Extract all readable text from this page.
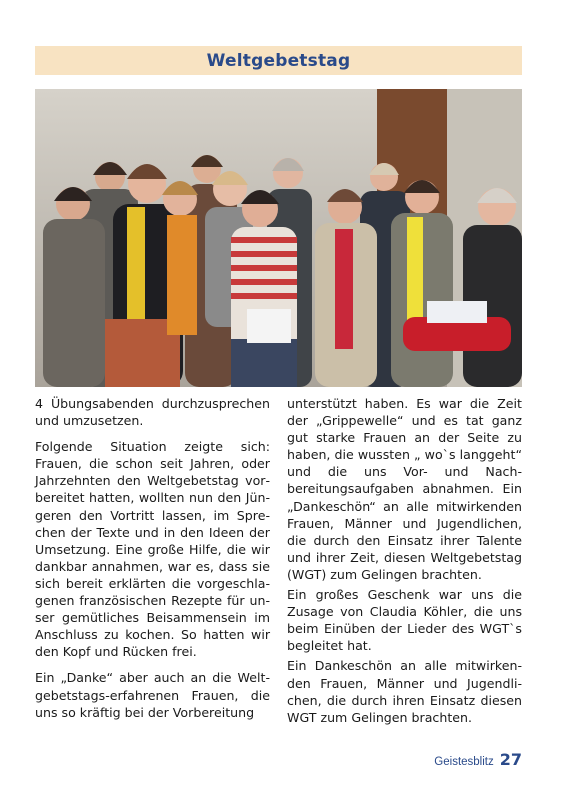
Weltgebetstag

4 Übungsabenden durchzusprechen und umzusetzen.

Folgende Situation zeigte sich: Frauen, die schon seit Jahren, oder Jahrzehnten den Weltgebetstag vorbereitet hatten, wollten nun den Jüngeren den Vortritt lassen, im Sprechen der Texte und in den Ideen der Umsetzung. Eine große Hilfe, die wir dankbar annahmen, war es, dass sie sich bereit erklärten die vorgeschlagenen französischen Rezepte für unser gemütliches Beisammensein im Anschluss zu kochen. So hatten wir den Kopf und Rücken frei.

Ein „Danke“ aber auch an die Weltgebetstags-erfahrenen Frauen, die uns so kräftig bei der Vorbereitung

unterstützt haben. Es war die Zeit der „Grippewelle“ und es tat ganz gut starke Frauen an der Seite zu haben, die wussten „ wo`s langgeht“ und die uns Vor- und Nachbereitungsaufgaben abnahmen. Ein „Dankeschön“ an alle mitwirkenden Frauen, Männer und Jugendlichen, die durch den Einsatz ihrer Talente und ihrer Zeit, diesen Weltgebetstag (WGT) zum Gelingen brachten.

Ein großes Geschenk war uns die Zusage von Claudia Köhler, die uns beim Einüben der Lieder des WGT`s begleitet hat.

Ein Dankeschön an alle mitwirkenden Frauen, Männer und Jugendlichen, die durch ihren Einsatz diesen WGT zum Gelingen brachten.

Geistesblitz 27
